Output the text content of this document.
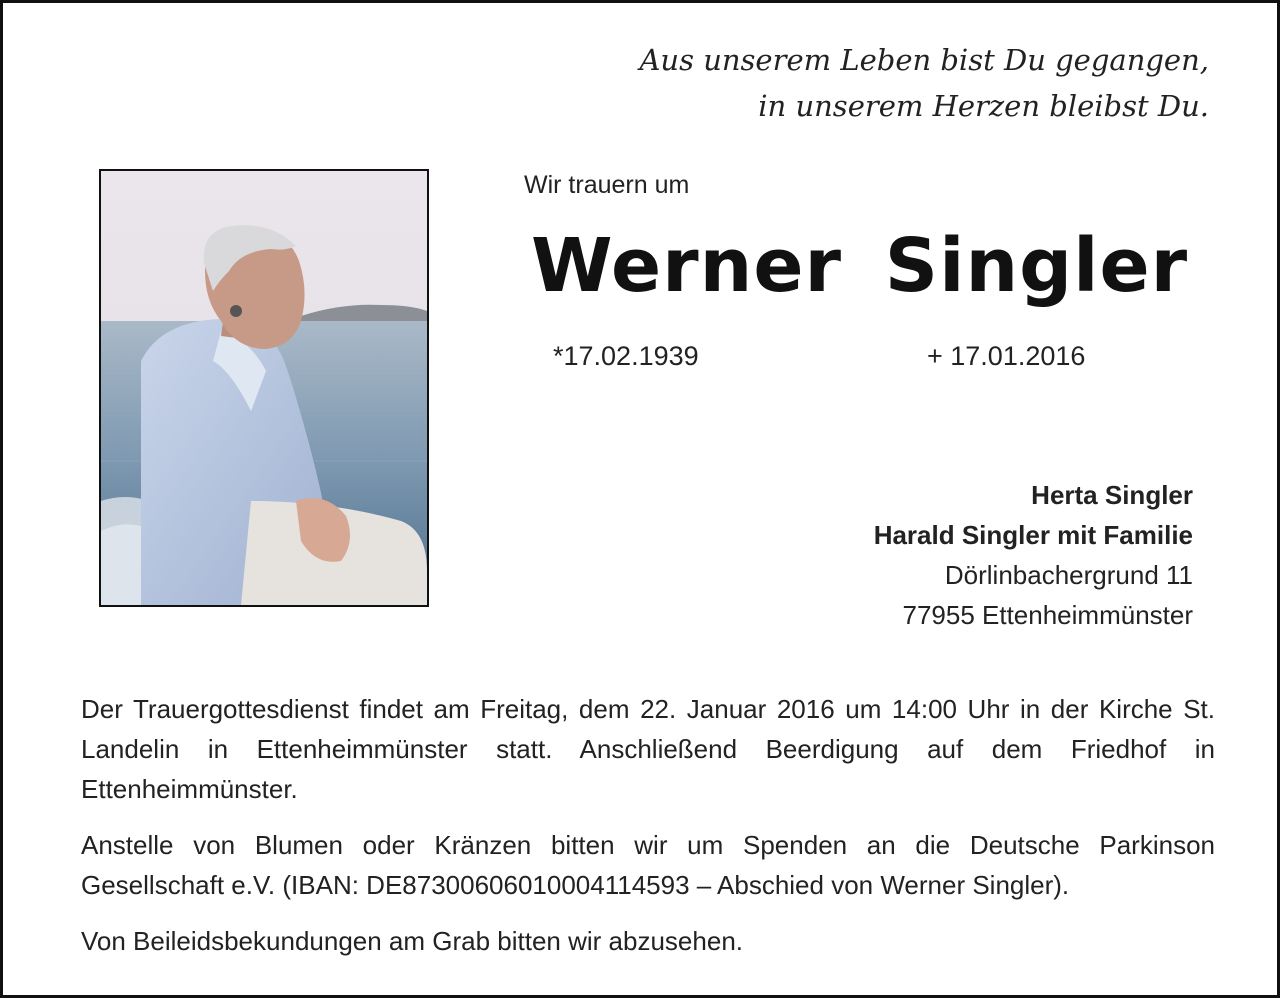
Aus unserem Leben bist Du gegangen,
in unserem Herzen bleibst Du.
Wir trauern um
Werner Singler
*17.02.1939	+ 17.01.2016
Herta Singler
Harald Singler mit Familie
Dörlinbachergrund 11
77955 Ettenheimmünster

Der Trauergottesdienst findet am Freitag, dem 22. Januar 2016 um 14:00 Uhr in der Kirche St. Landelin in Ettenheimmünster statt. Anschließend Beerdigung auf dem Friedhof in Ettenheimmünster.

Anstelle von Blumen oder Kränzen bitten wir um Spenden an die Deutsche Parkinson Gesellschaft e.V. (IBAN: DE87300606010004114593 – Abschied von Werner Singler).

Von Beileidsbekundungen am Grab bitten wir abzusehen.
